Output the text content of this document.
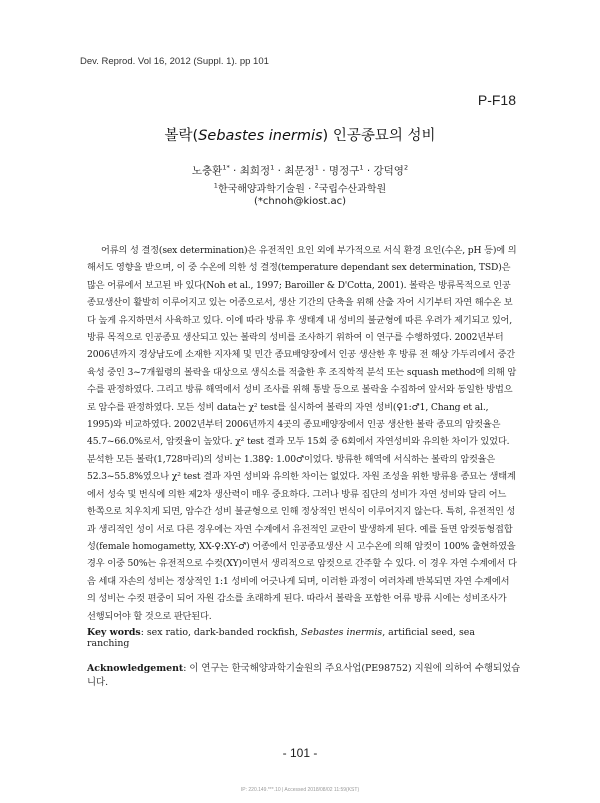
Dev. Reprod. Vol 16, 2012 (Suppl. 1). pp 101
P-F18
볼락(Sebastes inermis) 인공종묘의 성비
노충환$^{1*}$ · 최희정$^1$ · 최문정$^1$ · 명정구$^1$ · 강덕영$^2$
$^1$한국해양과학기술원 · $^2$국립수산과학원
(*chnoh@kiost.ac)

어류의 성 결정(sex determination)은 유전적인 요인 외에 부가적으로 서식 환경 요인(수온, pH 등)에 의해서도 영향을 받으며, 이 중 수온에 의한 성 결정(temperature dependant sex determination, TSD)은 많은 어류에서 보고된 바 있다(Noh et al., 1997; Baroiller & D'Cotta, 2001). 볼락은 방류목적으로 인공종묘생산이 활발히 이루어지고 있는 어종으로서, 생산 기간의 단축을 위해 산출 자어 시기부터 자연 해수온 보다 높게 유지하면서 사육하고 있다. 이에 따라 방류 후 생태계 내 성비의 불균형에 따른 우려가 제기되고 있어, 방류 목적으로 인공종묘 생산되고 있는 볼락의 성비를 조사하기 위하여 이 연구를 수행하였다. 2002년부터 2006년까지 경상남도에 소재한 지자체 및 민간 종묘배양장에서 인공 생산한 후 방류 전 해상 가두리에서 중간육성 중인 3~7개월령의 볼락을 대상으로 생식소를 적출한 후 조직학적 분석 또는 squash method에 의해 암수를 판정하였다. 그리고 방류 해역에서 성비 조사를 위해 통발 등으로 볼락을 수집하여 앞서와 동일한 방법으로 암수를 판정하였다. 모든 성비 data는 χ² test를 실시하여 볼락의 자연 성비(♀1:♂1, Chang et al., 1995)와 비교하였다. 2002년부터 2006년까지 4곳의 종묘배양장에서 인공 생산한 볼락 종묘의 암컷율은 45.7~66.0%로서, 암컷율이 높았다. χ² test 결과 모두 15회 중 6회에서 자연성비와 유의한 차이가 있었다. 분석한 모든 볼락(1,728마리)의 성비는 1.38♀: 1.00♂이었다. 방류한 해역에 서식하는 볼락의 암컷율은 52.3~55.8%였으나 χ² test 결과 자연 성비와 유의한 차이는 없었다. 자원 조성을 위한 방류용 종묘는 생태계에서 성숙 및 번식에 의한 제2차 생산력이 매우 중요하다. 그러나 방류 집단의 성비가 자연 성비와 달리 어느 한쪽으로 치우치게 되면, 암수간 성비 불균형으로 인해 정상적인 번식이 이루어지지 않는다. 특히, 유전적인 성과 생리적인 성이 서로 다른 경우에는 자연 수계에서 유전적인 교란이 발생하게 된다. 예를 들면 암컷동형접합성(female homogametty, XX-♀:XY-♂) 어종에서 인공종묘생산 시 고수온에 의해 암컷이 100% 출현하였을 경우 이중 50%는 유전적으로 수컷(XY)이면서 생리적으로 암컷으로 간주할 수 있다. 이 경우 자연 수계에서 다음 세대 자손의 성비는 정상적인 1:1 성비에 어긋나게 되며, 이러한 과정이 여러차례 반복되면 자연 수계에서의 성비는 수컷 편중이 되어 자원 감소를 초래하게 된다. 따라서 볼락을 포함한 어류 방류 시에는 성비조사가 선행되어야 할 것으로 판단된다.

Key words: sex ratio, dark-banded rockfish, Sebastes inermis, artificial seed, sea ranching

Acknowledgement: 이 연구는 한국해양과학기술원의 주요사업(PE98752) 지원에 의하여 수행되었습니다.

- 101 -
IP: 220.149.***.10 | Accessed 2018/08/02 11:59(KST)
